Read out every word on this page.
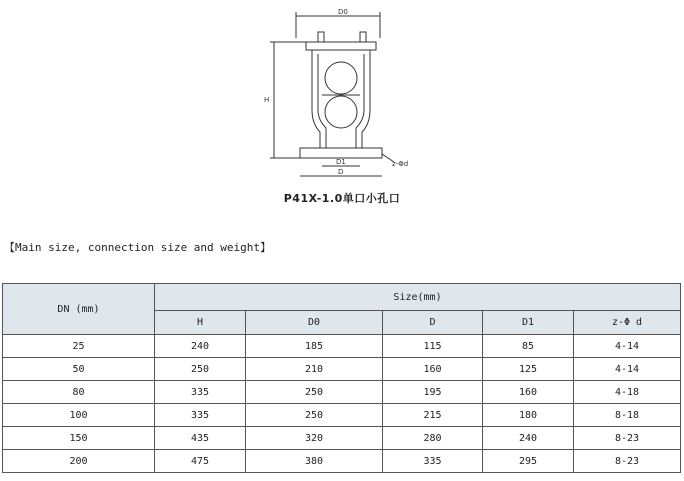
D0
H
D1
D
z-Φd
P41X-1.0单口小孔口
【Main size, connection size and weight】
DN (mm)	Size(mm)				
	H	D0	D	D1	z-Φ d
25	240	185	115	85	4-14
50	250	210	160	125	4-14
80	335	250	195	160	4-18
100	335	250	215	180	8-18
150	435	320	280	240	8-23
200	475	380	335	295	8-23
